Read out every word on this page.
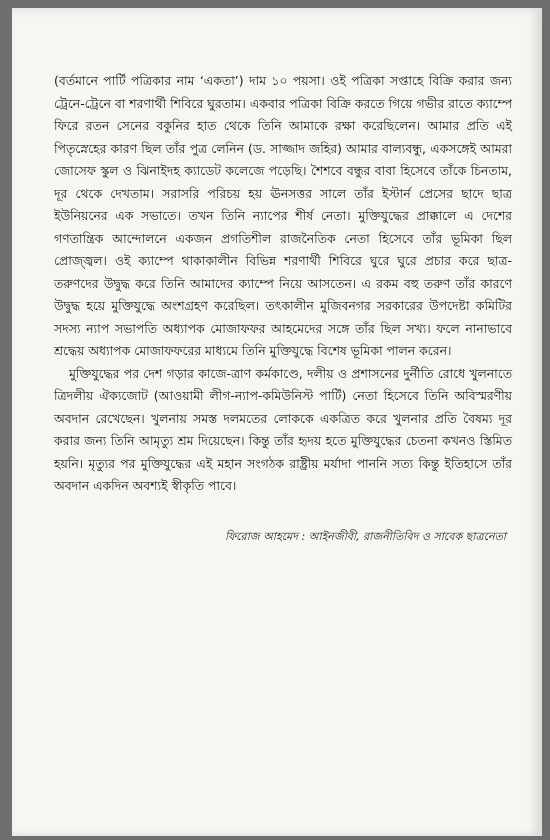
(বর্তমানে পার্টি পত্রিকার নাম ‘একতা’) দাম ১০ পয়সা। ওই পত্রিকা সপ্তাহে বিক্রি করার জন্য ট্রেনে-ট্রেনে বা শরণার্থী শিবিরে ঘুরতাম। একবার পত্রিকা বিক্রি করতে গিয়ে গভীর রাতে ক্যাম্পে ফিরে রতন সেনের বকুনির হাত থেকে তিনি আমাকে রক্ষা করেছিলেন। আমার প্রতি এই পিতৃস্নেহের কারণ ছিল তাঁর পুত্র লেনিন (ড. সাজ্জাদ জহির) আমার বাল্যবন্ধু, একসঙ্গেই আমরা জোসেফ স্কুল ও ঝিনাইদহ ক্যাডেট কলেজে পড়েছি। শৈশবে বন্ধুর বাবা হিসেবে তাঁকে চিনতাম, দূর থেকে দেখতাম। সরাসরি পরিচয় হয় ঊনসত্তর সালে তাঁর ইস্টার্ন প্রেসের ছাদে ছাত্র ইউনিয়নের এক সভাতে। তখন তিনি ন্যাপের শীর্ষ নেতা। মুক্তিযুদ্ধের প্রাক্কালে এ দেশের গণতান্ত্রিক আন্দোলনে একজন প্রগতিশীল রাজনৈতিক নেতা হিসেবে তাঁর ভূমিকা ছিল প্রোজ্জ্বল। ওই ক্যাম্পে থাকাকালীন বিভিন্ন শরণার্থী শিবিরে ঘুরে ঘুরে প্রচার করে ছাত্র-তরুণদের উদ্বুদ্ধ করে তিনি আমাদের ক্যাম্পে নিয়ে আসতেন। এ রকম বহু তরুণ তাঁর কারণে উদ্বুদ্ধ হয়ে মুক্তিযুদ্ধে অংশগ্রহণ করেছিল। তৎকালীন মুজিবনগর সরকারের উপদেষ্টা কমিটির সদস্য ন্যাপ সভাপতি অধ্যাপক মোজাফফর আহমেদের সঙ্গে তাঁর ছিল সখ্য। ফলে নানাভাবে শ্রদ্ধেয় অধ্যাপক মোজাফফরের মাধ্যমে তিনি মুক্তিযুদ্ধে বিশেষ ভূমিকা পালন করেন।

মুক্তিযুদ্ধের পর দেশ গড়ার কাজে-ত্রাণ কর্মকাণ্ডে, দলীয় ও প্রশাসনের দুর্নীতি রোধে খুলনাতে ত্রিদলীয় ঐক্যজোট (আওয়ামী লীগ-ন্যাপ-কমিউনিস্ট পার্টি) নেতা হিসেবে তিনি অবিস্মরণীয় অবদান রেখেছেন। খুলনায় সমস্ত দলমতের লোককে একত্রিত করে খুলনার প্রতি বৈষম্য দূর করার জন্য তিনি আমৃত্যু শ্রম দিয়েছেন। কিন্তু তাঁর হৃদয় হতে মুক্তিযুদ্ধের চেতনা কখনও স্তিমিত হয়নি। মৃত্যুর পর মুক্তিযুদ্ধের এই মহান সংগঠক রাষ্ট্রীয় মর্যাদা পাননি সত্য কিন্তু ইতিহাসে তাঁর অবদান একদিন অবশ্যই স্বীকৃতি পাবে।

ফিরোজ আহমেদ : আইনজীবী, রাজনীতিবিদ ও সাবেক ছাত্রনেতা
